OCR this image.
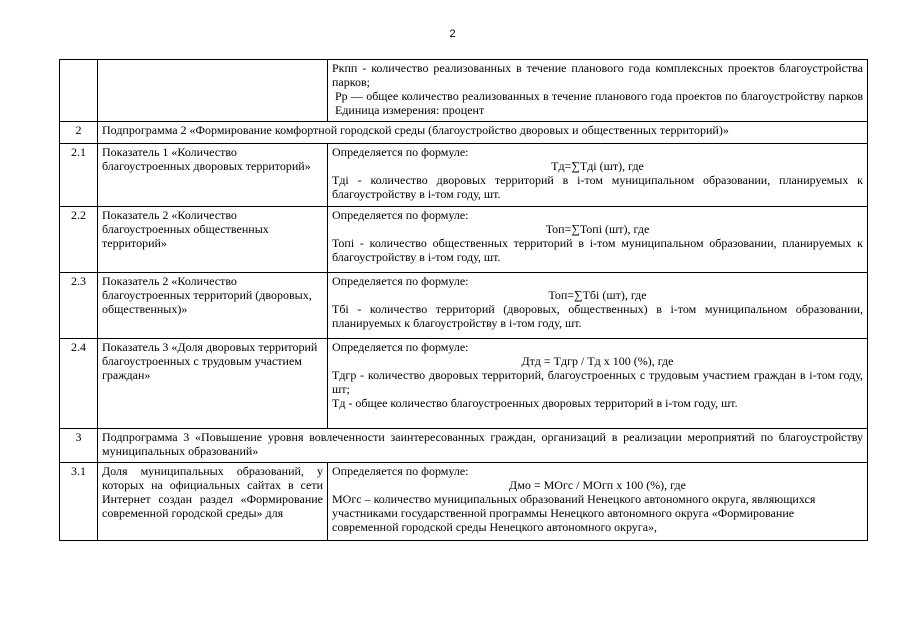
2

		Ркпп - количество реализованных в течение планового года комплексных проектов благоустройства парков;
Рр — общее количество реализованных в течение планового года проектов по благоустройству парков Единица измерения: процент

2	Подпрограмма 2 «Формирование комфортной городской среды (благоустройство дворовых и общественных территорий)»	
2.1	Показатель 1 «Количество благоустроенных дворовых территорий»	Определяется по формуле:
Тд=∑Тдi (шт), где
Тдi - количество дворовых территорий в i-том муниципальном образовании, планируемых к благоустройству в i-том году, шт.

2.2	Показатель 2 «Количество благоустроенных общественных территорий»	Определяется по формуле:
Топ=∑Топi (шт), где
Топi - количество общественных территорий в i-том муниципальном образовании, планируемых к благоустройству в i-том году, шт.

2.3	Показатель 2 «Количество благоустроенных территорий (дворовых, общественных)»	Определяется по формуле:
Топ=∑Тбi (шт), где
Тбi - количество территорий (дворовых, общественных) в i-том муниципальном образовании, планируемых к благоустройству в i-том году, шт.

2.4	Показатель 3 «Доля дворовых территорий благоустроенных с трудовым участием граждан»	Определяется по формуле:
Дтд = Тдгр / Тд x 100 (%), где
Тдгр - количество дворовых территорий, благоустроенных с трудовым участием граждан в i-том году, шт;
Тд - общее количество благоустроенных дворовых территорий в i-том году, шт.

3	Подпрограмма 3 «Повышение уровня вовлеченности заинтересованных граждан, организаций в реализации мероприятий по благоустройству муниципальных образований»	
3.1	Доля муниципальных образований, у которых на официальных сайтах в сети Интернет создан раздел «Формирование современной городской среды» для	Определяется по формуле:
Дмо = МОгс / МОгп x 100 (%), где
МОгс – количество муниципальных образований Ненецкого автономного округа, являющихся участниками государственной программы Ненецкого автономного округа «Формирование современной городской среды Ненецкого автономного округа»,
